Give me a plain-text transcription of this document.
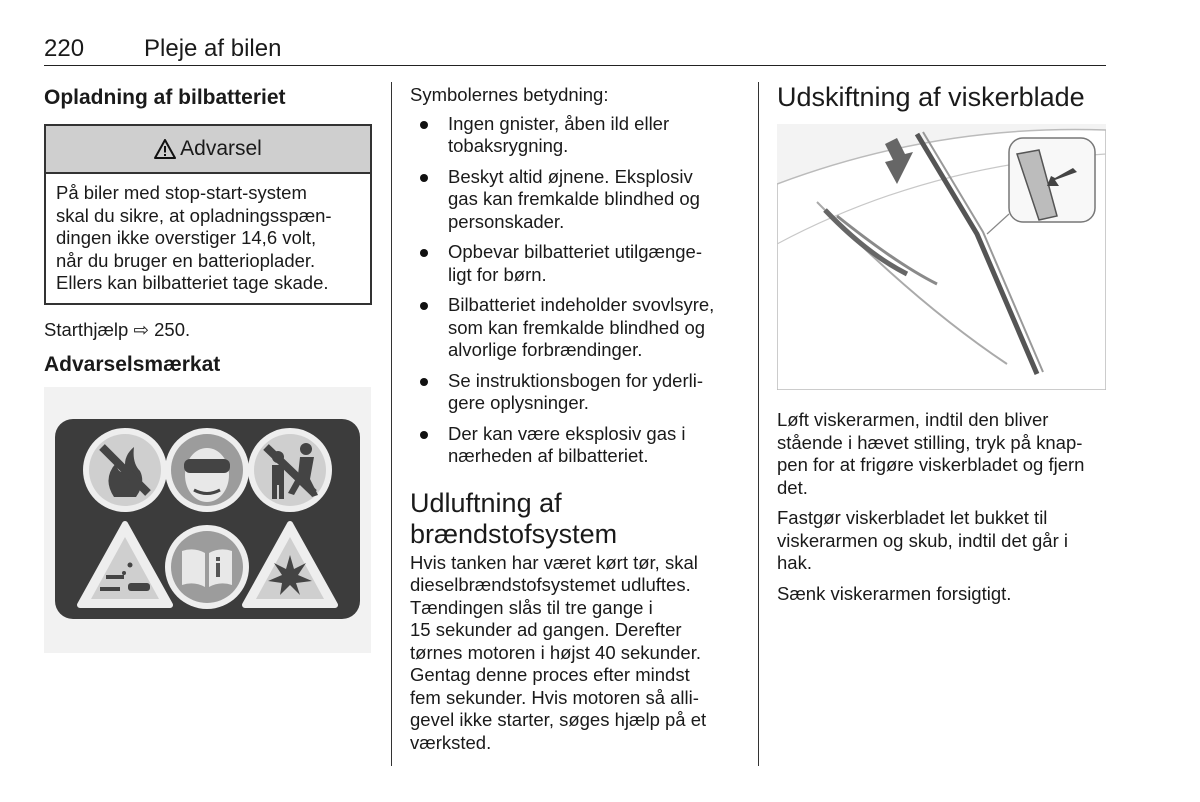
220 Pleje af bilen
Opladning af bilbatteriet
Advarsel
På biler med stop-start-system
skal du sikre, at opladningsspæn-
dingen ikke overstiger 14,6 volt,
når du bruger en batterioplader.
Ellers kan bilbatteriet tage skade.

Starthjælp ⇨ 250.

Advarselsmærkat

Symbolernes betydning:

Ingen gnister, åben ild eller
tobaksrygning.
Beskyt altid øjnene. Eksplosiv
gas kan fremkalde blindhed og
personskader.
Opbevar bilbatteriet utilgænge-
ligt for børn.
Bilbatteriet indeholder svovlsyre,
som kan fremkalde blindhed og
alvorlige forbrændinger.
Se instruktionsbogen for yderli-
gere oplysninger.
Der kan være eksplosiv gas i
nærheden af bilbatteriet.
Udluftning af
brændstofsystem
Hvis tanken har været kørt tør, skal
dieselbrændstofsystemet udluftes.
Tændingen slås til tre gange i
15 sekunder ad gangen. Derefter
tørnes motoren i højst 40 sekunder.
Gentag denne proces efter mindst
fem sekunder. Hvis motoren så alli-
gevel ikke starter, søges hjælp på et
værksted.
Udskiftning af viskerblade
Løft viskerarmen, indtil den bliver
stående i hævet stilling, tryk på knap-
pen for at frigøre viskerbladet og fjern
det.
Fastgør viskerbladet let bukket til
viskerarmen og skub, indtil det går i
hak.
Sænk viskerarmen forsigtigt.
